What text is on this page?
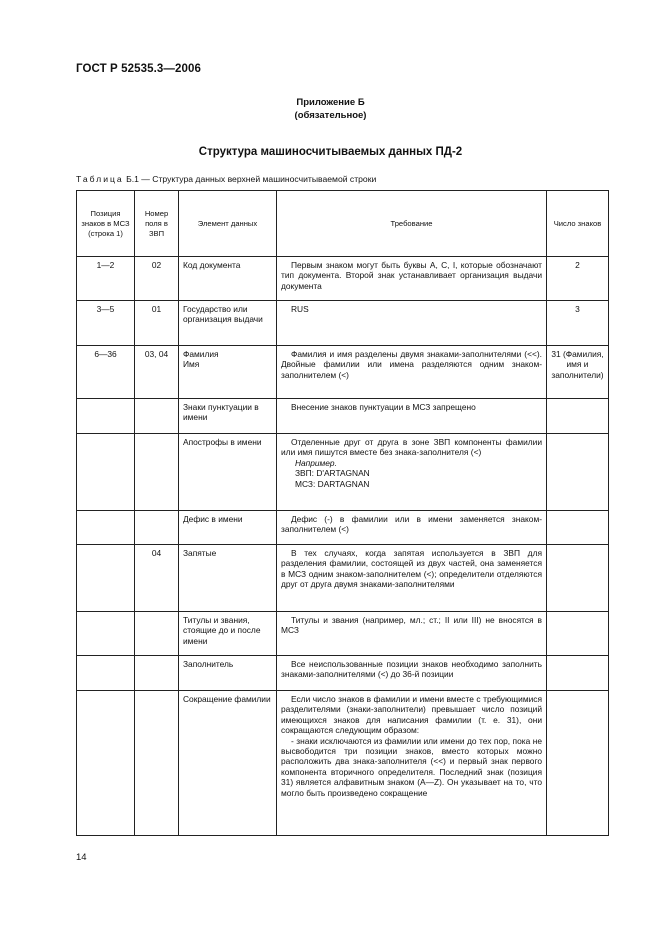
ГОСТ Р 52535.3—2006
Приложение Б
(обязательное)
Структура машиносчитываемых данных ПД-2
Таблица Б.1 — Структура данных верхней машиносчитываемой строки
Позиция знаков в МСЗ (строка 1)	Номер поля в ЗВП	Элемент данных	Требование	Число знаков
1—2	02	Код документа	Первым знаком могут быть буквы А, С, I, которые обозначают тип документа. Второй знак устанавливает организация выдачи документа	2
3—5	01	Государство или организация выдачи	RUS	3
6—36	03, 04	Фамилия Имя	Фамилия и имя разделены двумя знаками-заполнителями (<<). Двойные фамилии или имена разделяются одним знаком-заполнителем (<)	31 (Фамилия, имя и заполнители)
		Знаки пунктуации в имени	Внесение знаков пунктуации в МСЗ запрещено	
		Апострофы в имени	Отделенные друг от друга в зоне ЗВП компоненты фамилии или имя пишутся вместе без знака-заполнителя (<)

Например.
ЗВП: D'ARTAGNAN
МСЗ: DARTAGNAN	

		Дефис в имени	Дефис (-) в фамилии или в имени заменяется знаком-заполнителем (<)	
	04	Запятые	В тех случаях, когда запятая используется в ЗВП для разделения фамилии, состоящей из двух частей, она заменяется в МСЗ одним знаком-заполнителем (<); определители отделяются друг от друга двумя знаками-заполнителями	
		Титулы и звания, стоящие до и после имени	Титулы и звания (например, мл.; ст.; II или III) не вносятся в МСЗ	
		Заполнитель	Все неиспользованные позиции знаков необходимо заполнить знаками-заполнителями (<) до 36-й позиции	
		Сокращение фамилии	Если число знаков в фамилии и имени вместе с требующимися разделителями (знаки-заполнители) превышает число позиций имеющихся знаков для написания фамилии (т. е. 31), они сокращаются следующим образом:

- знаки исключаются из фамилии или имени до тех пор, пока не высвободится три позиции знаков, вместо которых можно расположить два знака-заполнителя (<<) и первый знак первого компонента вторичного определителя. Последний знак (позиция 31) является алфавитным знаком (A—Z). Он указывает на то, что могло быть произведено сокращение	

14
